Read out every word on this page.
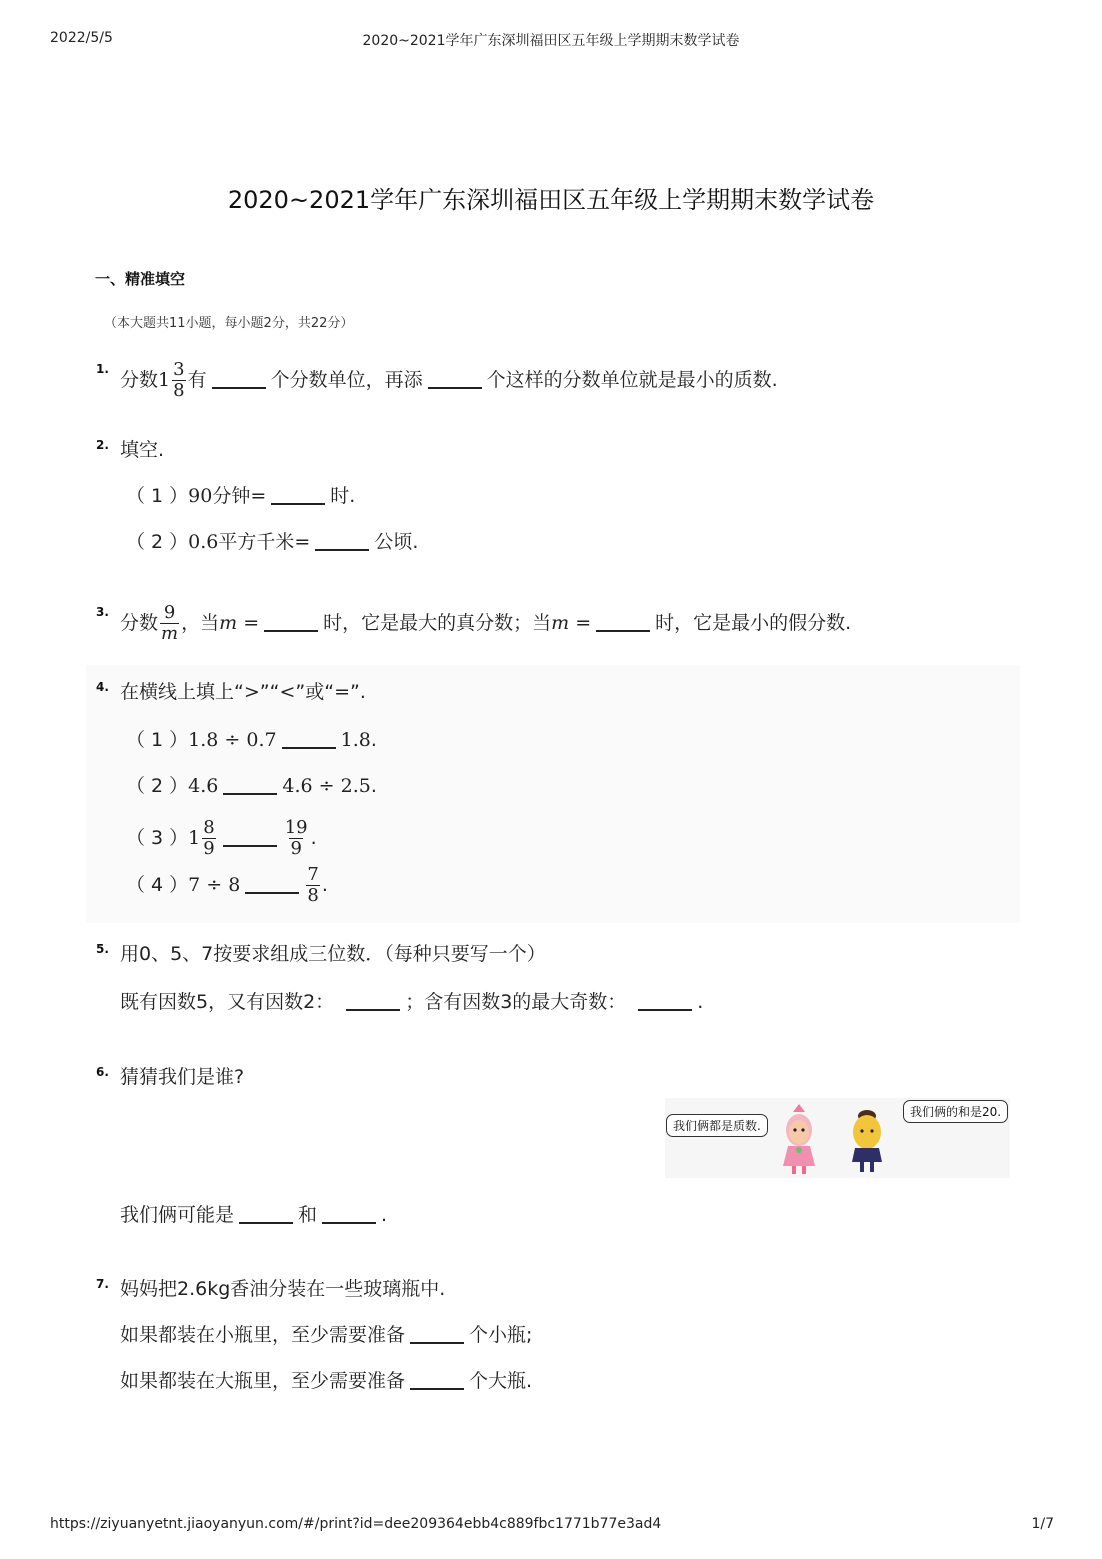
2022/5/5	2020~2021学年广东深圳福田区五年级上学期期末数学试卷
https://ziyuanyetnt.jiaoyanyun.com/#/print?id=dee209364ebb4c889fbc1771b77e3ad4	1/7
2020~2021学年广东深圳福田区五年级上学期期末数学试卷
一、精准填空
（本大题共11小题，每小题2分，共22分）
1. 分数$1 \frac{3}{8}$ 有	个分数单位，再添	个这样的分数单位就是最小的质数.
2. 填空.
（ 1 ）90分钟=	时.
（ 2 ）0.6平方千米=	公顷.
3. 分数 $\frac{9}{m}$ ，当m =	时，它是最大的真分数；当m =	时，它是最小的假分数.
4. 在横线上填上“>”“<”或“=”.
（ 1 ）1.8 ÷ 0.7	1.8.
（ 2 ）4.6	4.6 ÷ 2.5.
（ 3 ）$1 \frac{8}{9}$	$\frac{19}{9}$ .
（ 4 ）7 ÷ 8	$\frac{7}{8}$ .
5. 用0、5、7按要求组成三位数．（每种只要写一个）
既有因数5，又有因数2：	；含有因数3的最大奇数：	.
6. 猜猜我们是谁?
我们俩可能是	和	.
我们俩都是质数.
我们俩的和是20.
7. 妈妈把2.6kg香油分装在一些玻璃瓶中.
如果都装在小瓶里，至少需要准备	个小瓶;
如果都装在大瓶里，至少需要准备	个大瓶.
